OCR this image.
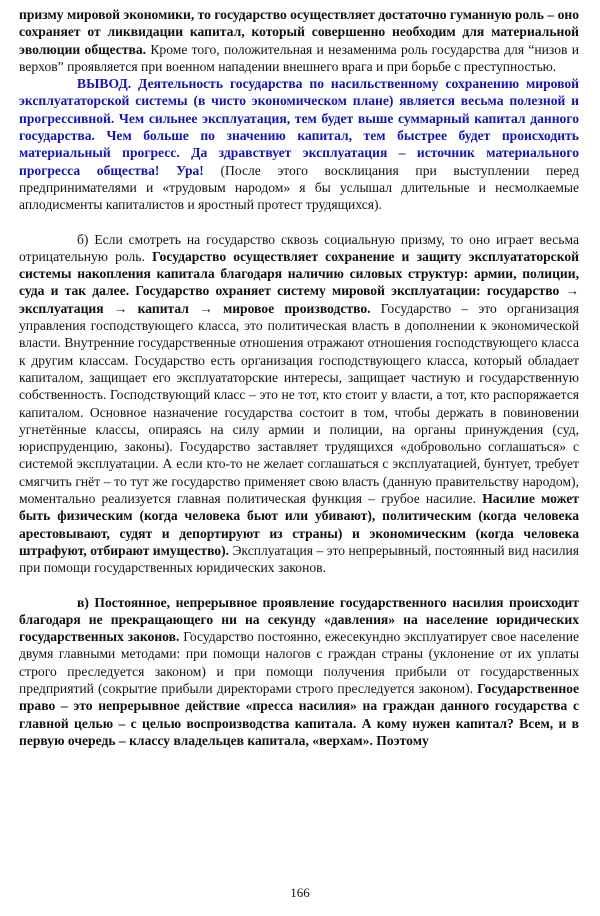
призму мировой экономики, то государство осуществляет достаточно гуманную роль – оно сохраняет от ликвидации капитал, который совершенно необходим для материальной эволюции общества. Кроме того, положительная и незаменима роль государства для “низов и верхов” проявляется при военном нападении внешнего врага и при борьбе с преступностью.

ВЫВОД. Деятельность государства по насильственному сохранению мировой эксплуататорской системы (в чисто экономическом плане) является весьма полезной и прогрессивной. Чем сильнее эксплуатация, тем будет выше суммарный капитал данного государства. Чем больше по значению капитал, тем быстрее будет происходить материальный прогресс. Да здравствует эксплуатация – источник материального прогресса общества! Ура! (После этого восклицания при выступлении перед предпринимателями и «трудовым народом» я бы услышал длительные и несмолкаемые аплодисменты капиталистов и яростный протест трудящихся).

б) Если смотреть на государство сквозь социальную призму, то оно играет весьма отрицательную роль. Государство осуществляет сохранение и защиту эксплуататорской системы накопления капитала благодаря наличию силовых структур: армии, полиции, суда и так далее. Государство охраняет систему мировой эксплуатации: государство → эксплуатация → капитал → мировое производство. Государство – это организация управления господствующего класса, это политическая власть в дополнении к экономической власти. Внутренние государственные отношения отражают отношения господствующего класса к другим классам. Государство есть организация господствующего класса, который обладает капиталом, защищает его эксплуататорские интересы, защищает частную и государственную собственность. Господствующий класс – это не тот, кто стоит у власти, а тот, кто распоряжается капиталом. Основное назначение государства состоит в том, чтобы держать в повиновении угнетённые классы, опираясь на силу армии и полиции, на органы принуждения (суд, юриспруденцию, законы). Государство заставляет трудящихся «добровольно соглашаться» с системой эксплуатации. А если кто-то не желает соглашаться с эксплуатацией, бунтует, требует смягчить гнёт – то тут же государство применяет свою власть (данную правительству народом), моментально реализуется главная политическая функция – грубое насилие. Насилие может быть физическим (когда человека бьют или убивают), политическим (когда человека арестовывают, судят и депортируют из страны) и экономическим (когда человека штрафуют, отбирают имущество). Эксплуатация – это непрерывный, постоянный вид насилия при помощи государственных юридических законов.

в) Постоянное, непрерывное проявление государственного насилия происходит благодаря не прекращающего ни на секунду «давления» на население юридических государственных законов. Государство постоянно, ежесекундно эксплуатирует свое население двумя главными методами: при помощи налогов с граждан страны (уклонение от их уплаты строго преследуется законом) и при помощи получения прибыли от государственных предприятий (сокрытие прибыли директорами строго преследуется законом). Государственное право – это непрерывное действие «пресса насилия» на граждан данного государства с главной целью – с целью воспроизводства капитала. А кому нужен капитал? Всем, и в первую очередь – классу владельцев капитала, «верхам». Поэтому

166
